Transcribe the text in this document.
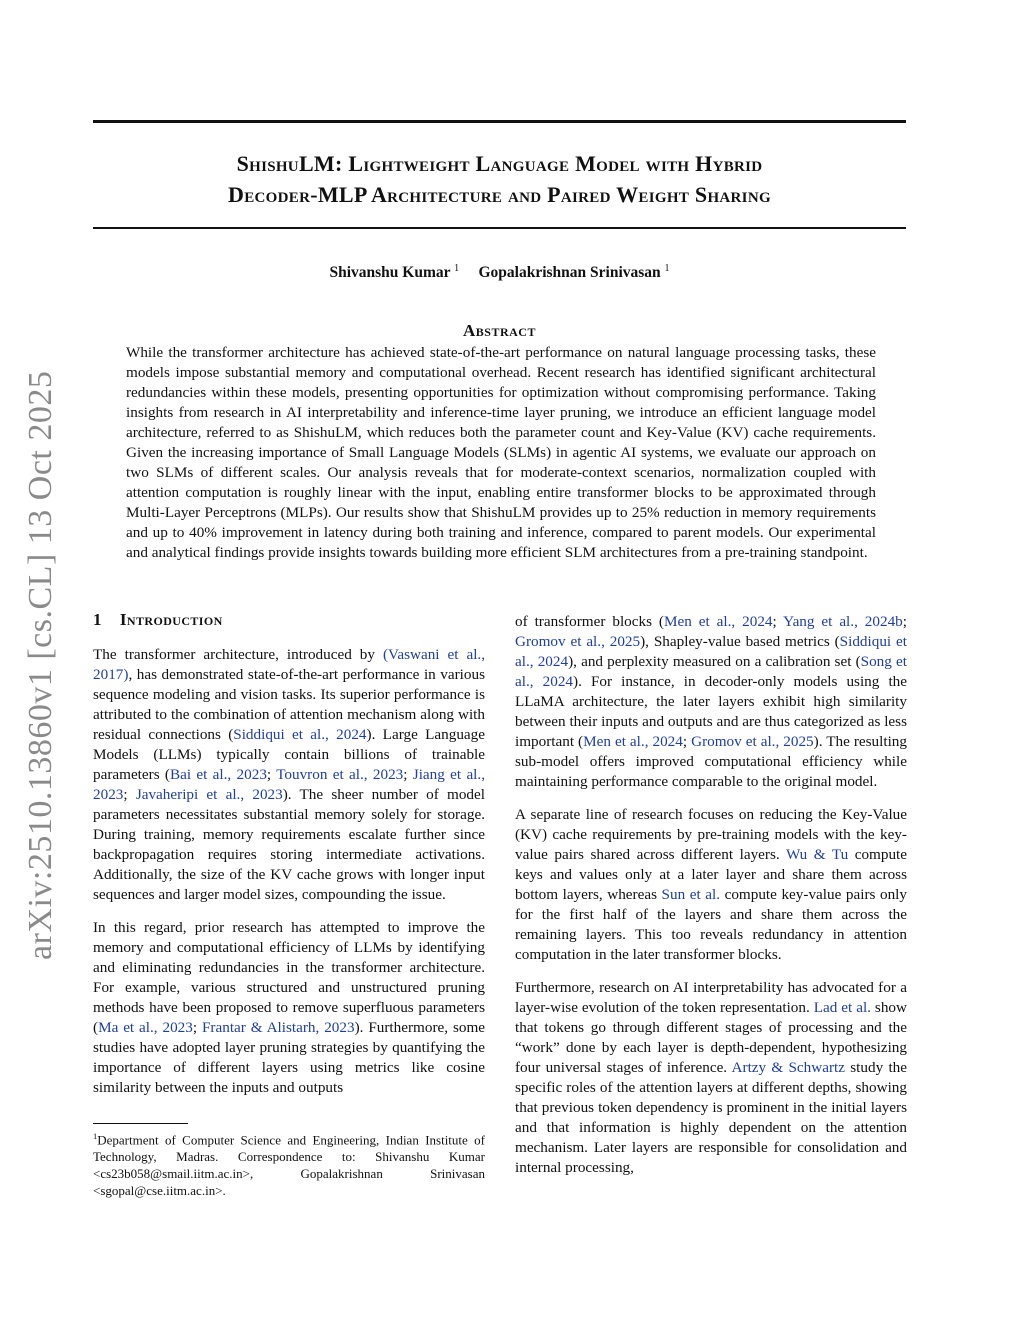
arXiv:2510.13860v1 [cs.CL] 13 Oct 2025
ShishuLM: Lightweight Language Model with Hybrid
Decoder-MLP Architecture and Paired Weight Sharing
Shivanshu Kumar $^1$ Gopalakrishnan Srinivasan $^1$
Abstract
While the transformer architecture has achieved state-of-the-art performance on natural language processing tasks, these models impose substantial memory and computational overhead. Recent research has identified significant architectural redundancies within these models, presenting opportunities for optimization without compromising performance. Taking insights from research in AI interpretability and inference-time layer pruning, we introduce an efficient language model architecture, referred to as ShishuLM, which reduces both the parameter count and Key-Value (KV) cache requirements. Given the increasing importance of Small Language Models (SLMs) in agentic AI systems, we evaluate our approach on two SLMs of different scales. Our analysis reveals that for moderate-context scenarios, normalization coupled with attention computation is roughly linear with the input, enabling entire transformer blocks to be approximated through Multi-Layer Perceptrons (MLPs). Our results show that ShishuLM provides up to 25% reduction in memory requirements and up to 40% improvement in latency during both training and inference, compared to parent models. Our experimental and analytical findings provide insights towards building more efficient SLM architectures from a pre-training standpoint.
1 Introduction

The transformer architecture, introduced by (Vaswani et al., 2017), has demonstrated state-of-the-art performance in various sequence modeling and vision tasks. Its superior performance is attributed to the combination of attention mechanism along with residual connections (Siddiqui et al., 2024). Large Language Models (LLMs) typically contain billions of trainable parameters (Bai et al., 2023; Touvron et al., 2023; Jiang et al., 2023; Javaheripi et al., 2023). The sheer number of model parameters necessitates substantial memory solely for storage. During training, memory requirements escalate further since backpropagation requires storing intermediate activations. Additionally, the size of the KV cache grows with longer input sequences and larger model sizes, compounding the issue.

In this regard, prior research has attempted to improve the memory and computational efficiency of LLMs by identifying and eliminating redundancies in the transformer architecture. For example, various structured and unstructured pruning methods have been proposed to remove superfluous parameters (Ma et al., 2023; Frantar & Alistarh, 2023). Furthermore, some studies have adopted layer pruning strategies by quantifying the importance of different layers using metrics like cosine similarity between the inputs and outputs

of transformer blocks (Men et al., 2024; Yang et al., 2024b; Gromov et al., 2025), Shapley-value based metrics (Siddiqui et al., 2024), and perplexity measured on a calibration set (Song et al., 2024). For instance, in decoder-only models using the LLaMA architecture, the later layers exhibit high similarity between their inputs and outputs and are thus categorized as less important (Men et al., 2024; Gromov et al., 2025). The resulting sub-model offers improved computational efficiency while maintaining performance comparable to the original model.

A separate line of research focuses on reducing the Key-Value (KV) cache requirements by pre-training models with the key-value pairs shared across different layers. Wu & Tu compute keys and values only at a later layer and share them across bottom layers, whereas Sun et al. compute key-value pairs only for the first half of the layers and share them across the remaining layers. This too reveals redundancy in attention computation in the later transformer blocks.

Furthermore, research on AI interpretability has advocated for a layer-wise evolution of the token representation. Lad et al. show that tokens go through different stages of processing and the “work” done by each layer is depth-dependent, hypothesizing four universal stages of inference. Artzy & Schwartz study the specific roles of the attention layers at different depths, showing that previous token dependency is prominent in the initial layers and that information is highly dependent on the attention mechanism. Later layers are responsible for consolidation and internal processing,

$^1$Department of Computer Science and Engineering, Indian Institute of Technology, Madras. Correspondence to: Shivanshu Kumar <cs23b058@smail.iitm.ac.in>, Gopalakrishnan Srinivasan <sgopal@cse.iitm.ac.in>.
